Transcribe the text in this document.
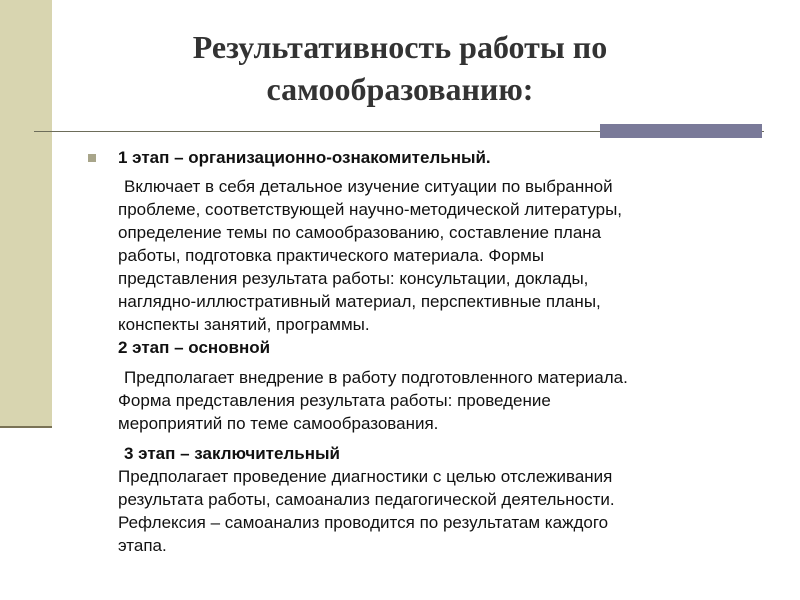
Результативность работы по
самообразованию:
1 этап – организационно-ознакомительный.
Включает в себя детальное изучение ситуации по выбранной
проблеме, соответствующей научно-методической литературы,
определение темы по самообразованию, составление плана
работы, подготовка практического материала. Формы
представления результата работы: консультации, доклады,
наглядно-иллюстративный материал, перспективные планы,
конспекты занятий, программы.
2 этап – основной
Предполагает внедрение в работу подготовленного материала.
Форма представления результата работы: проведение
мероприятий по теме самообразования.
3 этап – заключительный
Предполагает проведение диагностики с целью отслеживания
результата работы, самоанализ педагогической деятельности.
Рефлексия – самоанализ проводится по результатам каждого
этапа.
